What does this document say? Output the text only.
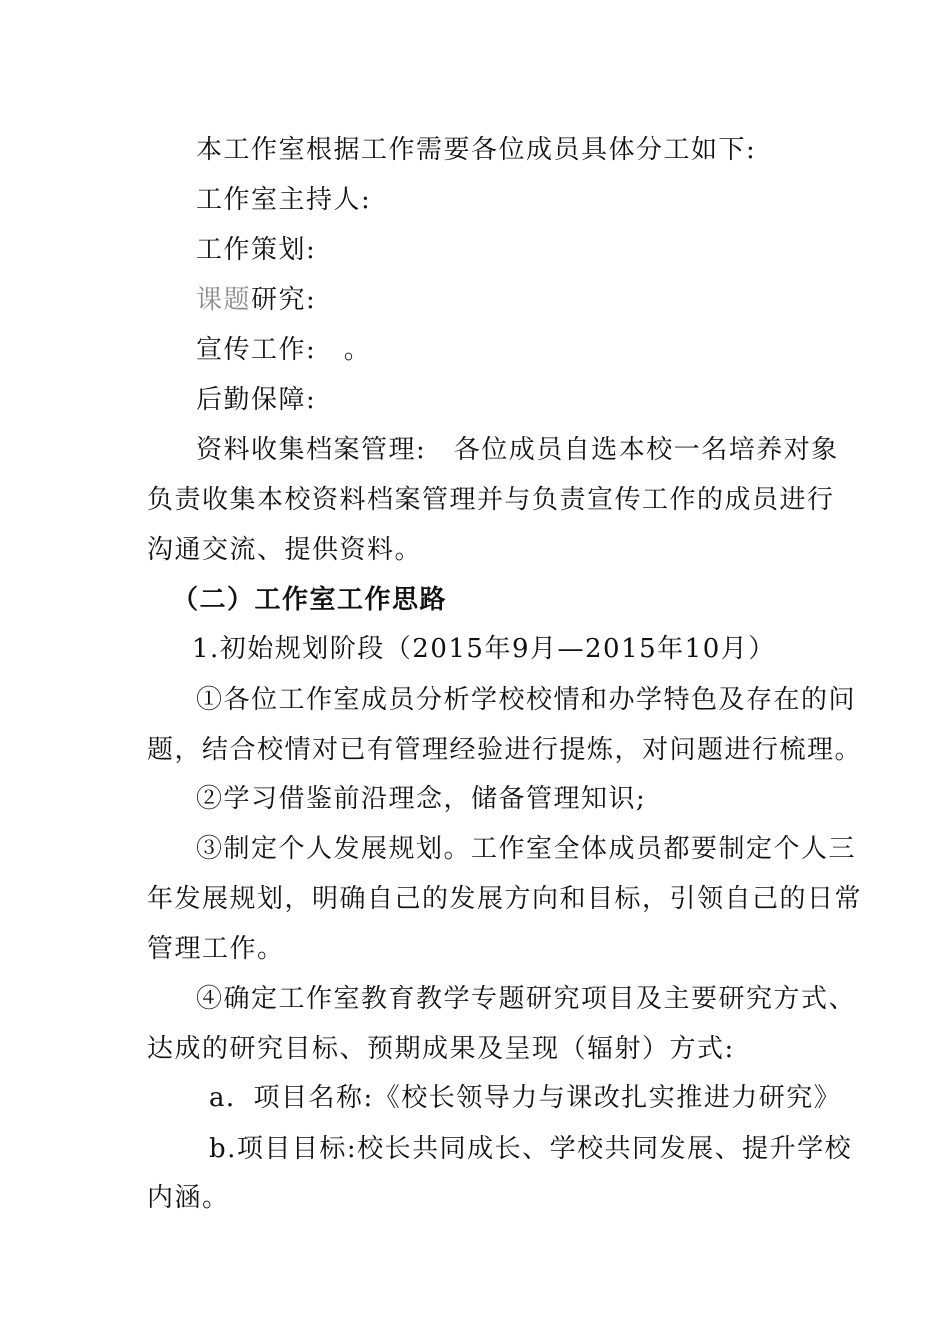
本工作室根据工作需要各位成员具体分工如下:
工作室主持人:
工作策划:
课题研究:
宣传工作:　。
后勤保障:
资料收集档案管理:　各位成员自选本校一名培养对象
负责收集本校资料档案管理并与负责宣传工作的成员进行
沟通交流、提供资料。
（二）工作室工作思路
1.初始规划阶段（2015年9月—2015年10月）
①各位工作室成员分析学校校情和办学特色及存在的问
题，结合校情对已有管理经验进行提炼，对问题进行梳理。
②学习借鉴前沿理念，储备管理知识;
③制定个人发展规划。工作室全体成员都要制定个人三
年发展规划，明确自己的发展方向和目标，引领自己的日常
管理工作。
④确定工作室教育教学专题研究项目及主要研究方式、
达成的研究目标、预期成果及呈现（辐射）方式:
a．项目名称:《校长领导力与课改扎实推进力研究》
b.项目目标:校长共同成长、学校共同发展、提升学校
内涵。
